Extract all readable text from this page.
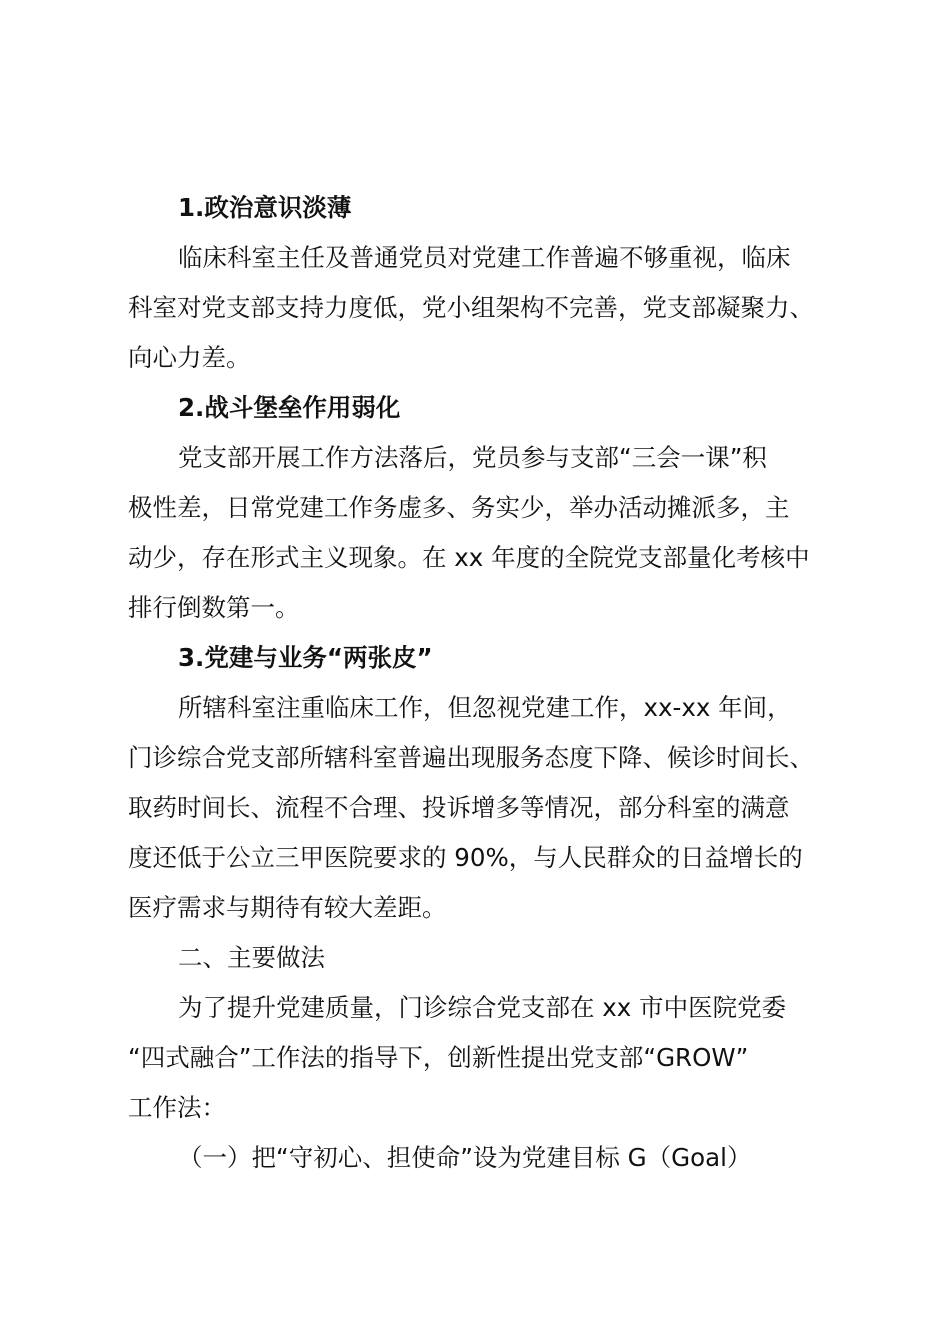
1.政治意识淡薄
临床科室主任及普通党员对党建工作普遍不够重视，临床
科室对党支部支持力度低，党小组架构不完善，党支部凝聚力、
向心力差。
2.战斗堡垒作用弱化
党支部开展工作方法落后，党员参与支部“三会一课”积
极性差，日常党建工作务虚多、务实少，举办活动摊派多，主
动少，存在形式主义现象。在 xx 年度的全院党支部量化考核中
排行倒数第一。
3.党建与业务“两张皮”
所辖科室注重临床工作，但忽视党建工作，xx-xx 年间，
门诊综合党支部所辖科室普遍出现服务态度下降、候诊时间长、
取药时间长、流程不合理、投诉增多等情况，部分科室的满意
度还低于公立三甲医院要求的 90%，与人民群众的日益增长的
医疗需求与期待有较大差距。
二、主要做法
为了提升党建质量，门诊综合党支部在 xx 市中医院党委
“四式融合”工作法的指导下，创新性提出党支部“GROW”
工作法：
（一）把“守初心、担使命”设为党建目标 G（Goal）
